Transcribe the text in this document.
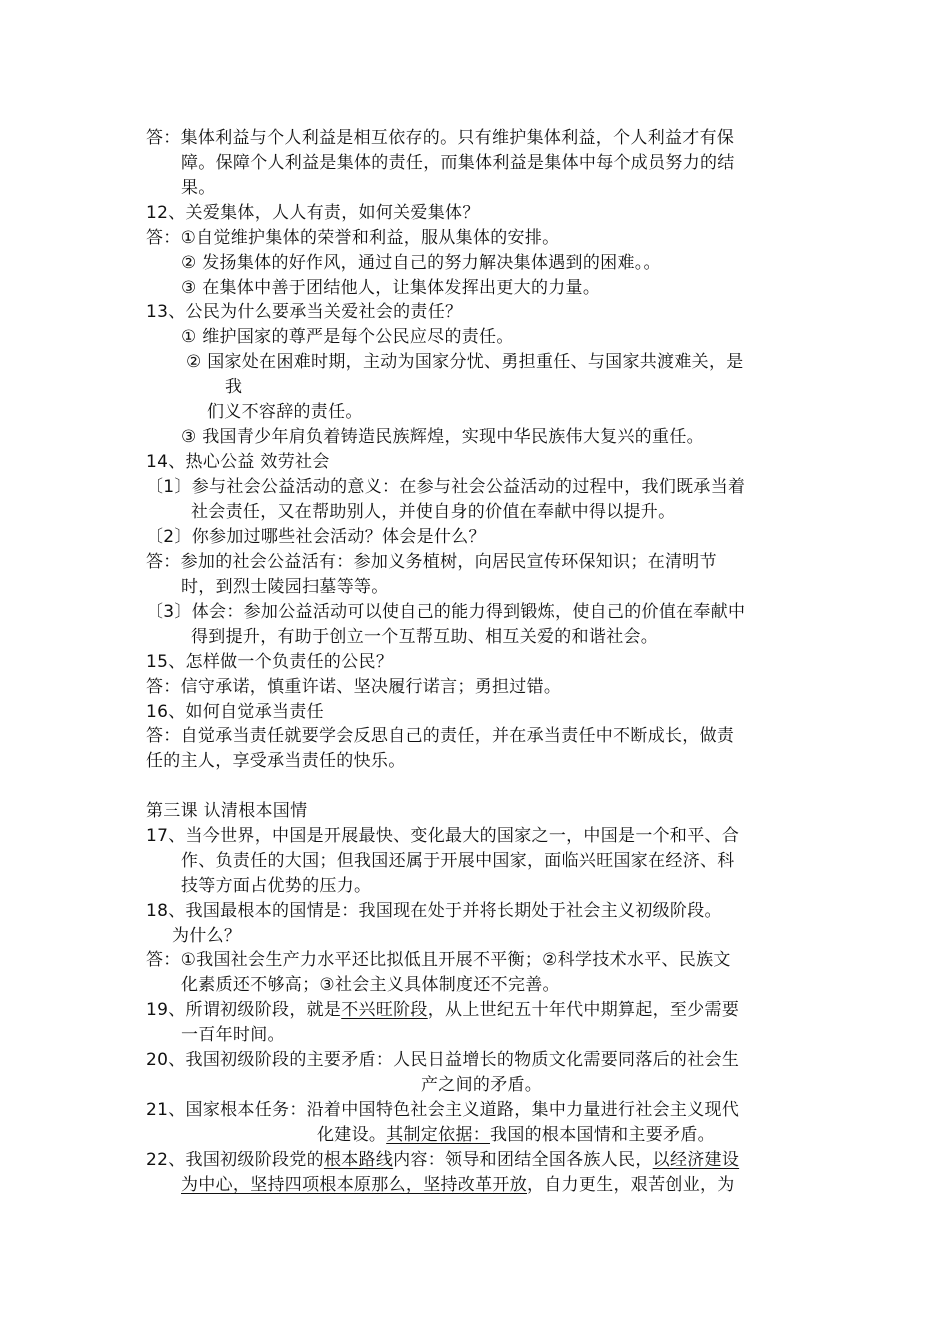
答：集体利益与个人利益是相互依存的。只有维护集体利益，个人利益才有保
障。保障个人利益是集体的责任，而集体利益是集体中每个成员努力的结
果。
12、关爱集体，人人有责，如何关爱集体？
答：①自觉维护集体的荣誉和利益，服从集体的安排。
② 发扬集体的好作风，通过自己的努力解决集体遇到的困难。。
③ 在集体中善于团结他人，让集体发挥出更大的力量。
13、公民为什么要承当关爱社会的责任？
① 维护国家的尊严是每个公民应尽的责任。
② 国家处在困难时期，主动为国家分忧、勇担重任、与国家共渡难关，是
我
们义不容辞的责任。
③ 我国青少年肩负着铸造民族辉煌，实现中华民族伟大复兴的重任。
14、热心公益 效劳社会
〔1〕参与社会公益活动的意义：在参与社会公益活动的过程中，我们既承当着
社会责任，又在帮助别人，并使自身的价值在奉献中得以提升。
〔2〕你参加过哪些社会活动？体会是什么？
答：参加的社会公益活有：参加义务植树，向居民宣传环保知识；在清明节
时，到烈士陵园扫墓等等。
〔3〕体会：参加公益活动可以使自己的能力得到锻炼，使自己的价值在奉献中
得到提升，有助于创立一个互帮互助、相互关爱的和谐社会。
15、怎样做一个负责任的公民？
答：信守承诺，慎重许诺、坚决履行诺言；勇担过错。
16、如何自觉承当责任
答：自觉承当责任就要学会反思自己的责任，并在承当责任中不断成长，做责
任的主人，享受承当责任的快乐。
第三课 认清根本国情
17、当今世界，中国是开展最快、变化最大的国家之一，中国是一个和平、合
作、负责任的大国；但我国还属于开展中国家，面临兴旺国家在经济、科
技等方面占优势的压力。
18、我国最根本的国情是：我国现在处于并将长期处于社会主义初级阶段。
为什么？
答：①我国社会生产力水平还比拟低且开展不平衡；②科学技术水平、民族文
化素质还不够高；③社会主义具体制度还不完善。
19、所谓初级阶段，就是不兴旺阶段，从上世纪五十年代中期算起，至少需要
一百年时间。
20、我国初级阶段的主要矛盾：人民日益增长的物质文化需要同落后的社会生
产之间的矛盾。
21、国家根本任务：沿着中国特色社会主义道路，集中力量进行社会主义现代
化建设。其制定依据：我国的根本国情和主要矛盾。
22、我国初级阶段党的根本路线内容：领导和团结全国各族人民，以经济建设
为中心，坚持四项根本原那么，坚持改革开放，自力更生，艰苦创业，为
